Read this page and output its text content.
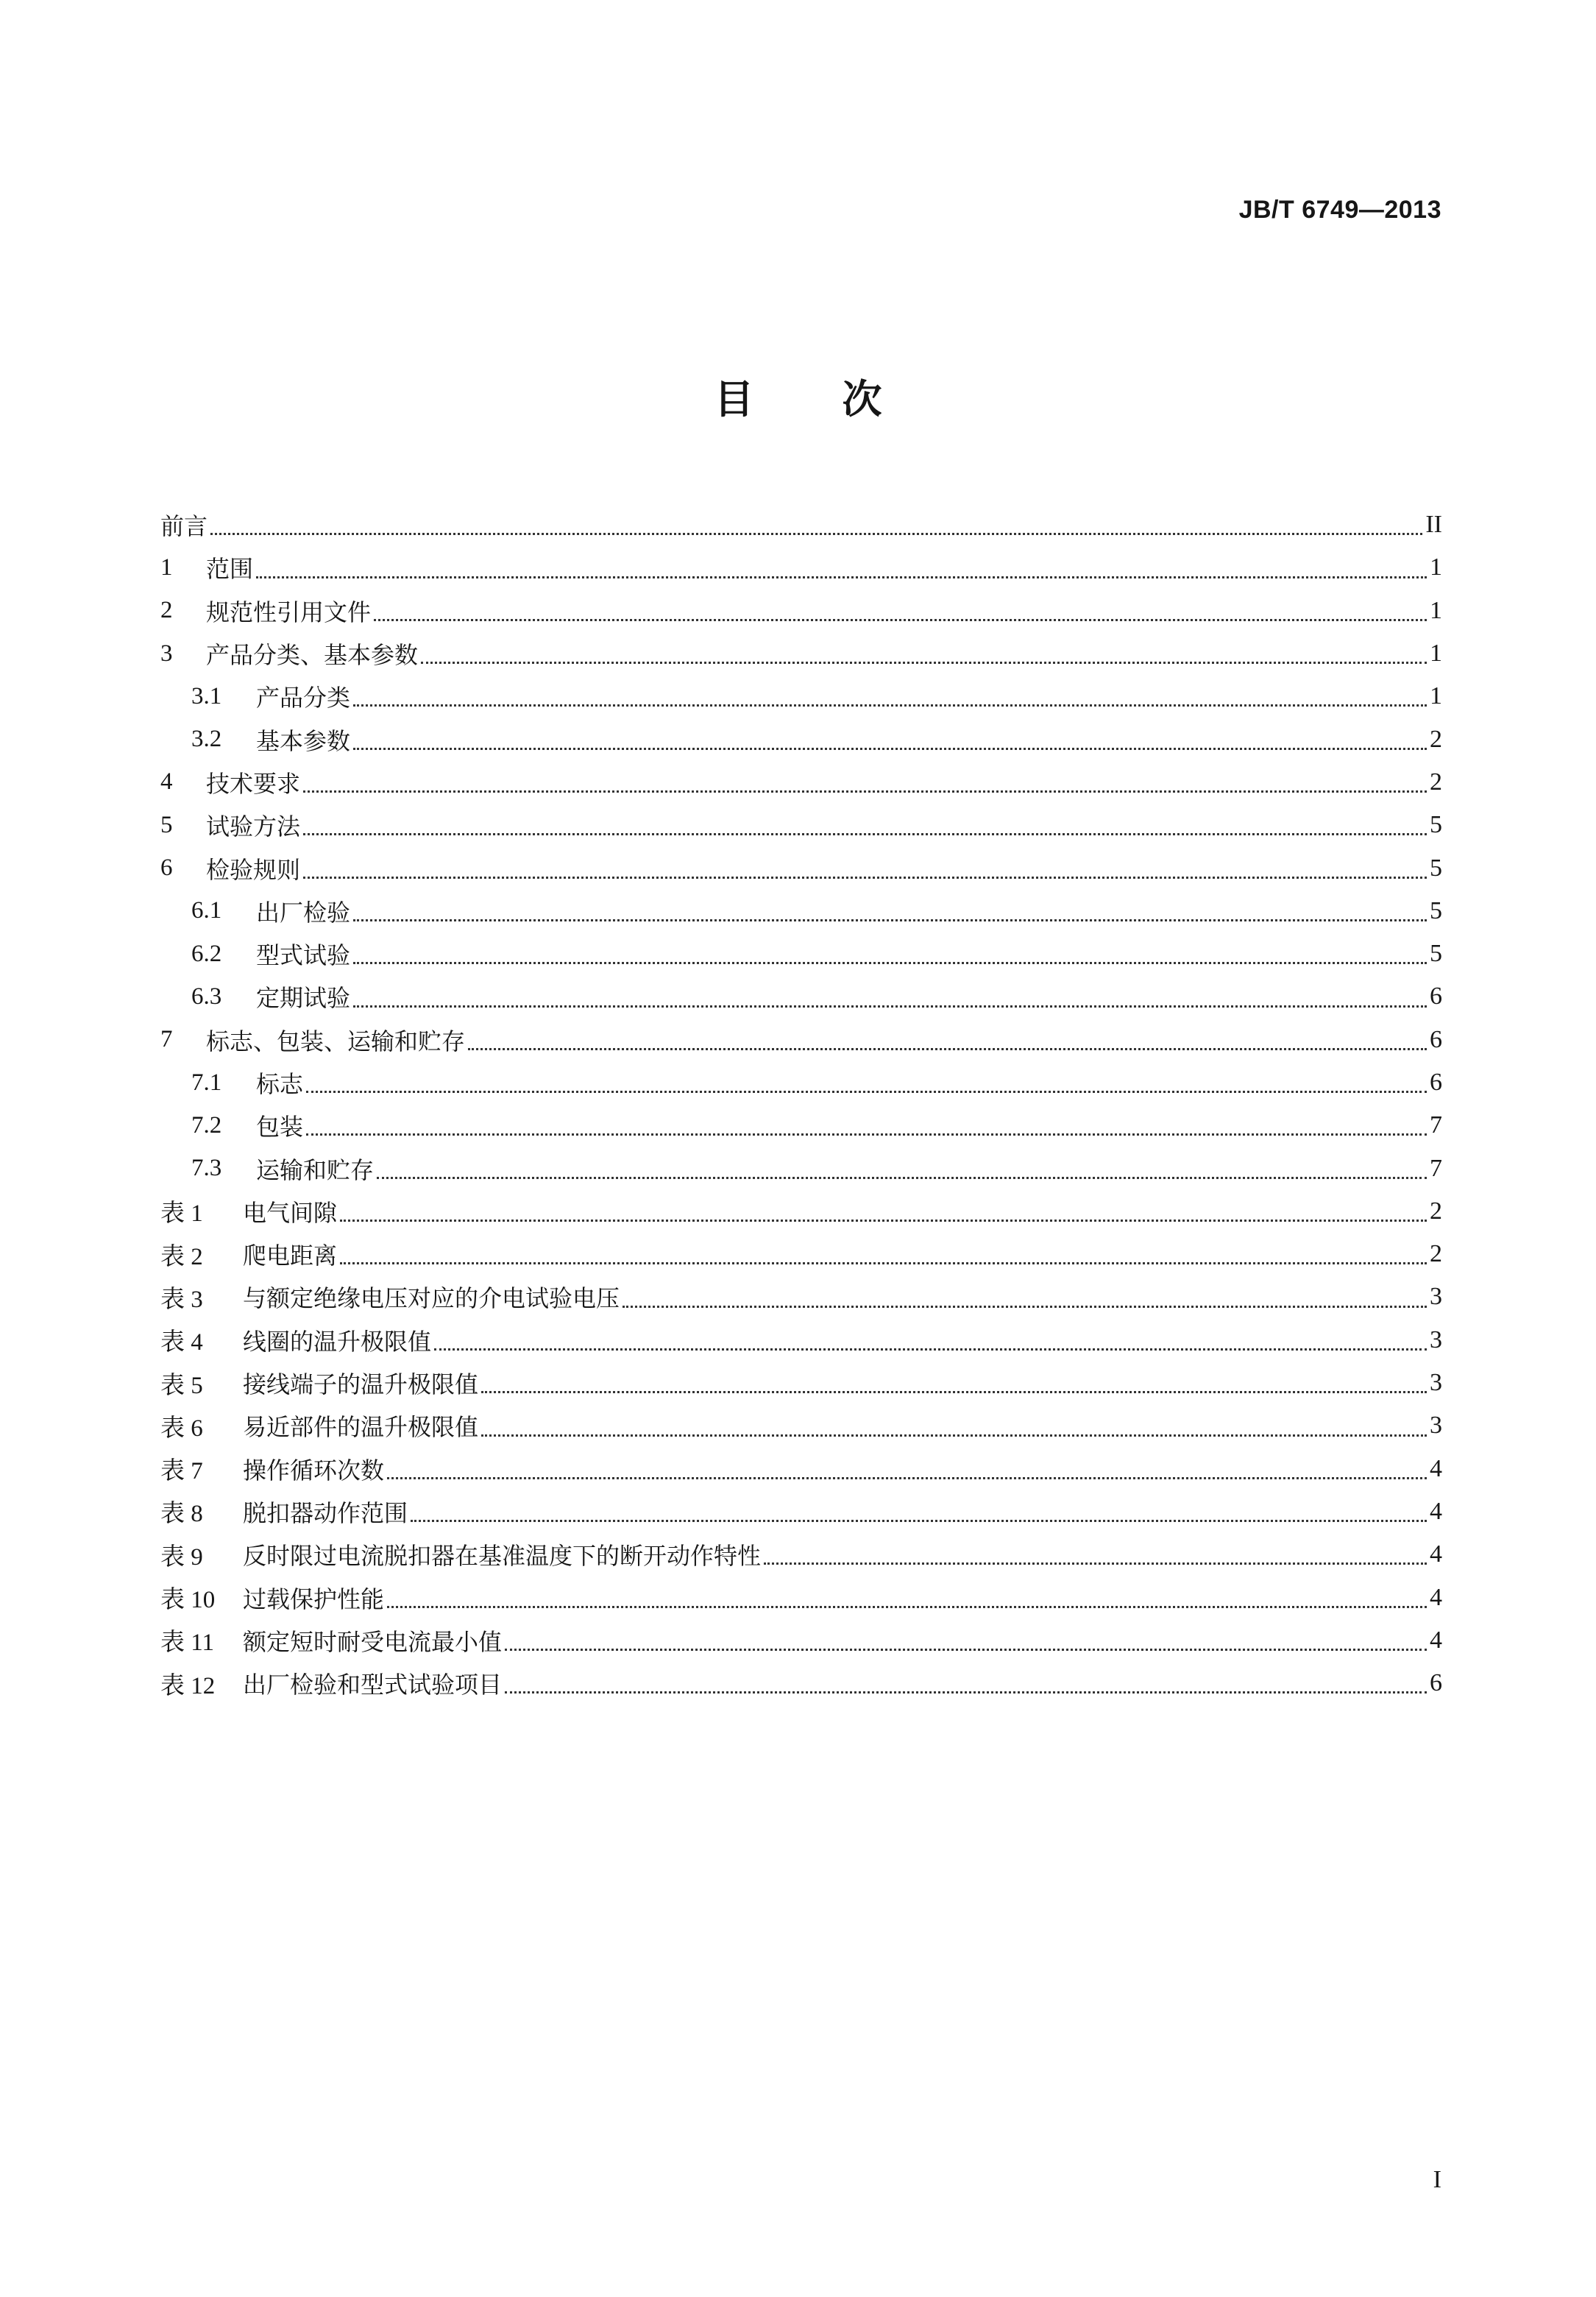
JB/T 6749—2013
目 次
前言	II
1	范围	1
2	规范性引用文件	1
3	产品分类、基本参数	1
3.1	产品分类	1
3.2	基本参数	2
4	技术要求	2
5	试验方法	5
6	检验规则	5
6.1	出厂检验	5
6.2	型式试验	5
6.3	定期试验	6
7	标志、包装、运输和贮存	6
7.1	标志	6
7.2	包装	7
7.3	运输和贮存	7
表 1	电气间隙	2
表 2	爬电距离	2
表 3	与额定绝缘电压对应的介电试验电压	3
表 4	线圈的温升极限值	3
表 5	接线端子的温升极限值	3
表 6	易近部件的温升极限值	3
表 7	操作循环次数	4
表 8	脱扣器动作范围	4
表 9	反时限过电流脱扣器在基准温度下的断开动作特性	4
表 10	过载保护性能	4
表 11	额定短时耐受电流最小值	4
表 12	出厂检验和型式试验项目	6
I
